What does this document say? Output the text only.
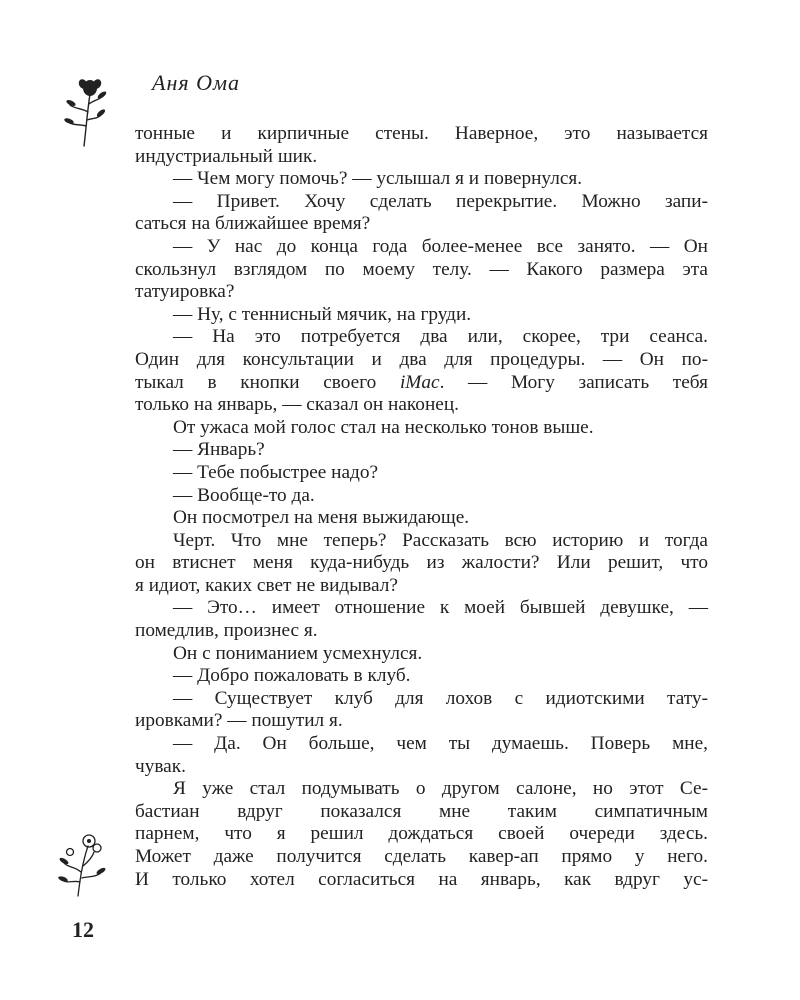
Аня Ома

тонные и кирпичные стены. Наверное, это называется

индустриальный шик.

— Чем могу помочь? — услышал я и повернулся.

— Привет. Хочу сделать перекрытие. Можно запи-

саться на ближайшее время?

— У нас до конца года более-менее все занято. — Он

скользнул взглядом по моему телу. — Какого размера эта

татуировка?

— Ну, с теннисный мячик, на груди.

— На это потребуется два или, скорее, три сеанса.

Один для консультации и два для процедуры. — Он по-

тыкал в кнопки своего iMac. — Могу записать тебя

только на январь, — сказал он наконец.

От ужаса мой голос стал на несколько тонов выше.

— Январь?

— Тебе побыстрее надо?

— Вообще-то да.

Он посмотрел на меня выжидающе.

Черт. Что мне теперь? Рассказать всю историю и тогда

он втиснет меня куда-нибудь из жалости? Или решит, что

я идиот, каких свет не видывал?

— Это… имеет отношение к моей бывшей девушке, —

помедлив, произнес я.

Он с пониманием усмехнулся.

— Добро пожаловать в клуб.

— Существует клуб для лохов с идиотскими тату-

ировками? — пошутил я.

— Да. Он больше, чем ты думаешь. Поверь мне,

чувак.

Я уже стал подумывать о другом салоне, но этот Се-

бастиан вдруг показался мне таким симпатичным

парнем, что я решил дождаться своей очереди здесь.

Может даже получится сделать кавер-ап прямо у него.

И только хотел согласиться на январь, как вдруг ус-

12
